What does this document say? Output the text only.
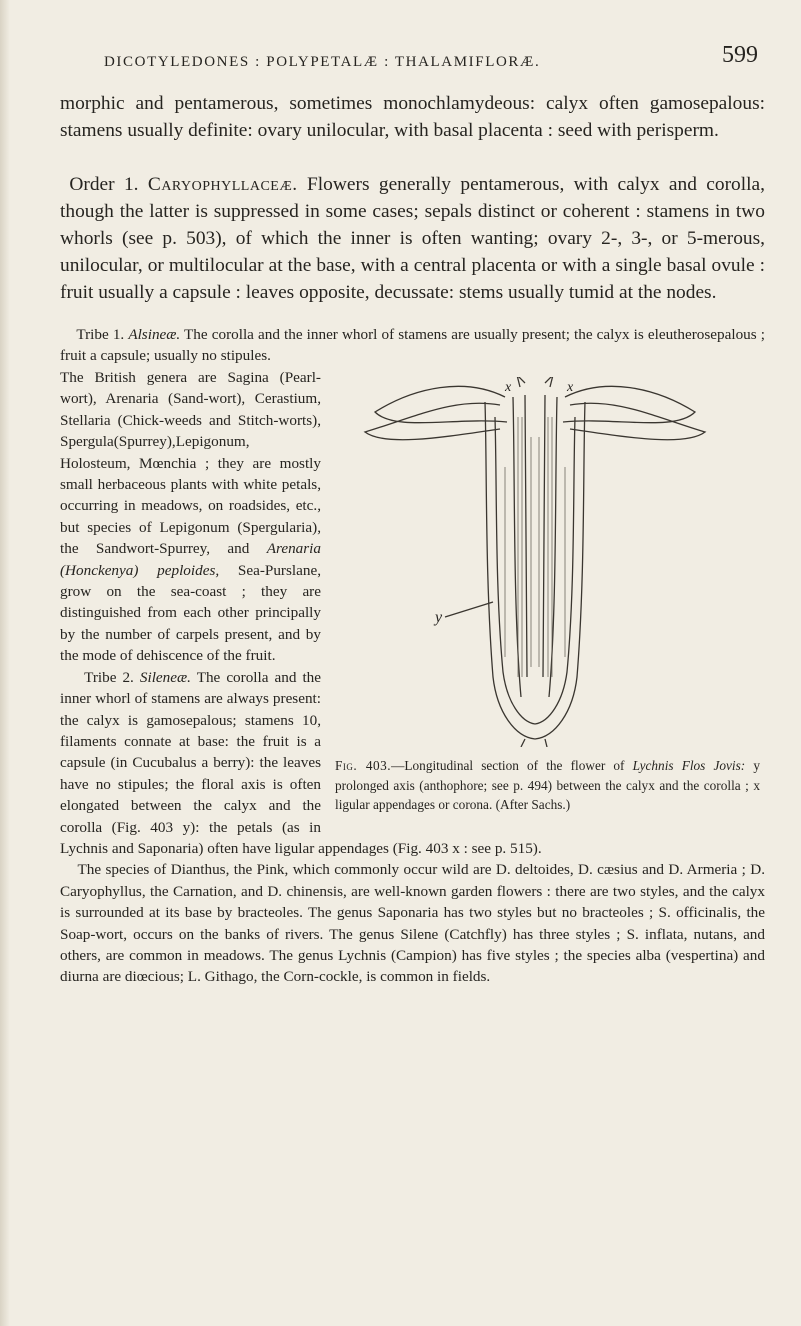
DICOTYLEDONES : POLYPETALÆ : THALAMIFLORÆ.	599

morphic and pentamerous, sometimes monochlamydeous: calyx often gamosepalous: stamens usually definite: ovary unilocular, with basal placenta : seed with perisperm.

Order 1. Caryophyllaceæ. Flowers generally pentamerous, with calyx and corolla, though the latter is suppressed in some cases; sepals distinct or coherent : stamens in two whorls (see p. 503), of which the inner is often wanting; ovary 2-, 3-, or 5-merous, unilocular, or multilocular at the base, with a central placenta or with a single basal ovule : fruit usually a capsule : leaves opposite, decussate: stems usually tumid at the nodes.

Tribe 1. Alsineæ. The corolla and the inner whorl of stamens are usually present; the calyx is eleutherosepalous ; fruit a capsule; usually no stipules.

x	x
y

Fig. 403.—Longitudinal section of the flower of Lychnis Flos Jovis: y prolonged axis (anthophore; see p. 494) between the calyx and the corolla ; x ligular appendages or corona. (After Sachs.)

The British genera are Sagina (Pearl-wort), Arenaria (Sand-wort), Cerastium, Stellaria (Chick-weeds and Stitch-worts), Spergula(Spurrey),Lepigonum, Holosteum, Mœnchia ; they are mostly small herbaceous plants with white petals, occurring in meadows, on roadsides, etc., but species of Lepigonum (Spergularia), the Sandwort-Spurrey, and Arenaria (Honckenya) peploides, Sea-Purslane, grow on the sea-coast ; they are distinguished from each other principally by the number of carpels present, and by the mode of dehiscence of the fruit.

Tribe 2. Sileneæ. The corolla and the inner whorl of stamens are always present: the calyx is gamosepalous; stamens 10, filaments connate at base: the fruit is a capsule (in Cucubalus a berry): the leaves have no stipules; the floral axis is often elongated between the calyx and the corolla (Fig. 403 y): the petals (as in Lychnis and Saponaria) often have ligular appendages (Fig. 403 x : see p. 515).

The species of Dianthus, the Pink, which commonly occur wild are D. deltoides, D. cæsius and D. Armeria ; D. Caryophyllus, the Carnation, and D. chinensis, are well-known garden flowers : there are two styles, and the calyx is surrounded at its base by bracteoles. The genus Saponaria has two styles but no bracteoles ; S. officinalis, the Soap-wort, occurs on the banks of rivers. The genus Silene (Catchfly) has three styles ; S. inflata, nutans, and others, are common in meadows. The genus Lychnis (Campion) has five styles ; the species alba (vespertina) and diurna are diœcious; L. Githago, the Corn-cockle, is common in fields.
